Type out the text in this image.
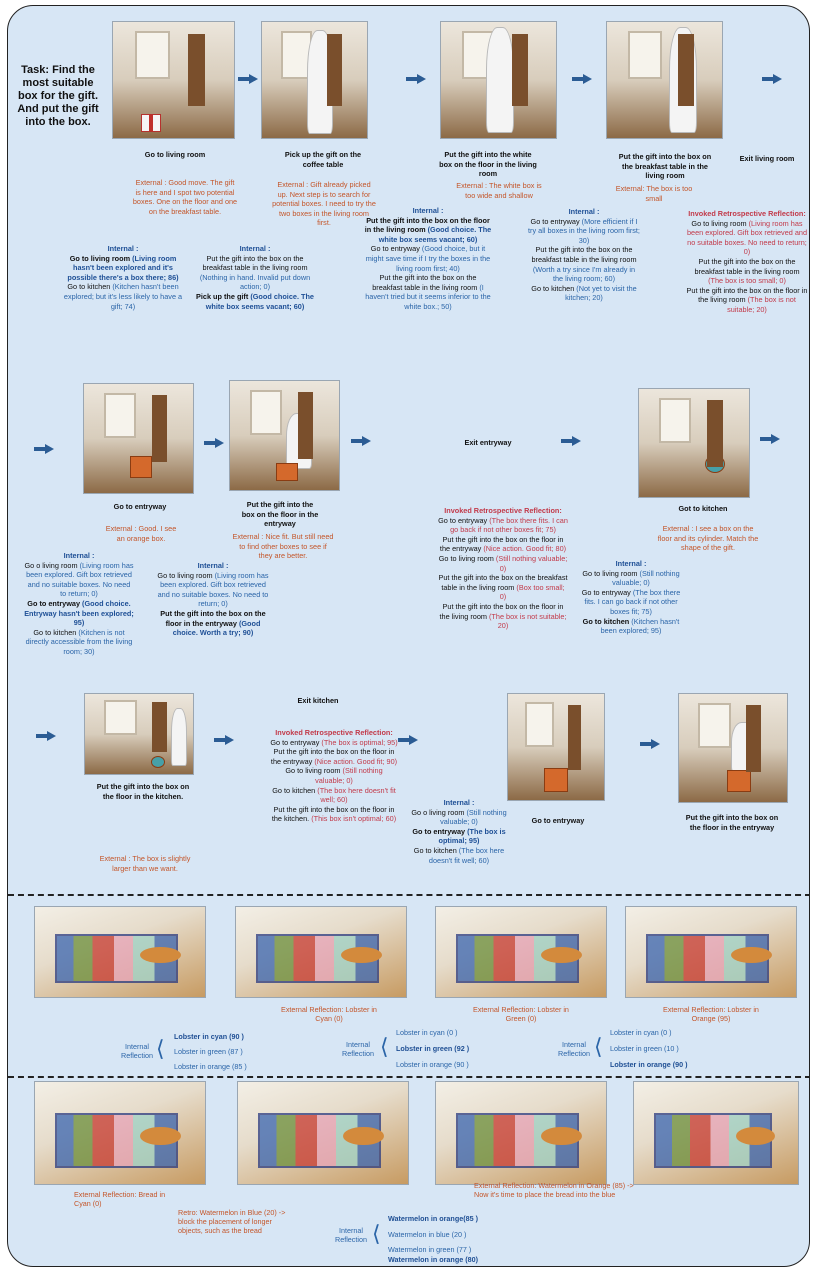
Task: Find the most suitable box for the gift. And put the gift into the box.
Go to living room
External : Good move. The gift is here and I spot two potential boxes. One on the floor and one on the breakfast table.
Internal :
Go to living room (Living room hasn't been explored and it's possible there's a box there; 86)
Go to kitchen (Kitchen hasn't been explored; but it's less likely to have a gift; 74)
Pick up the gift on the coffee table
External : Gift already picked up. Next step is to search for potential boxes. I need to try the two boxes in the living room first.
Internal :
Put the gift into the box on the breakfast table in the living room
(Nothing in hand. Invalid put down action; 0)
Pick up the gift (Good choice. The white box seems vacant; 60)
Put the gift into the white box on the floor in the living room
External : The white box is too wide and shallow
Internal :
Put the gift into the box on the floor in the living room (Good choice. The white box seems vacant; 60)
Go to entryway (Good choice, but it might save time if I try the boxes in the living room first; 40)
Put the gift into the box on the breakfast table in the living room (I haven't tried but it seems inferior to the white box.; 50)
Put the gift into the box on the breakfast table in the living room
External: The box is too small
Internal :
Go to entryway (More efficient if I try all boxes in the living room first; 30)
Put the gift into the box on the breakfast table in the living room (Worth a try since I'm already in the living room; 60)
Go to kitchen (Not yet to visit the kitchen; 20)
Exit living room
Invoked Retrospective Reflection:
Go to living room (Living room has been explored. Gift box retrieved and no suitable boxes. No need to return; 0)
Put the gift into the box on the breakfast table in the living room (The box is too small; 0)
Put the gift into the box on the floor in the living room (The box is not suitable; 20)
Exit entryway
Go to entryway
External : Good. I see an orange box.
Internal :
Go o living room (Living room has been explored. Gift box retrieved and no suitable boxes. No need to return; 0)
Go to entryway (Good choice. Entryway hasn't been explored; 95)
Go to kitchen (Kitchen is not directly accessible from the living room; 30)
Put the gift into the box on the floor in the entryway
External : Nice fit. But still need to find other boxes to see if they are better.
Internal :
Go to living room (Living room has been explored. Gift box retrieved and no suitable boxes. No need to return; 0)
Put the gift into the box on the floor in the entryway (Good choice. Worth a try; 90)
Invoked Retrospective Reflection:
Go to entryway (The box there fits. I can go back if not other boxes fit; 75)
Put the gift into the box on the floor in the entryway (Nice action. Good fit; 80)
Go to living room (Still nothing valuable; 0)
Put the gift into the box on the breakfast table in the living room (Box too small; 0)
Put the gift into the box on the floor in the living room (The box is not suitable; 20)
Internal :
Go to living room (Still nothing valuable; 0)
Go to entryway (The box there fits. I can go back if not other boxes fit; 75)
Go to kitchen (Kitchen hasn't been explored; 95)
Got to kitchen
External : I see a box on the floor and its cylinder. Match the shape of the gift.
Exit kitchen
Put the gift into the box on the floor in the kitchen.
External : The box is slightly larger than we want.
Invoked Retrospective Reflection:
Go to entryway (The box is optimal; 95)
Put the gift into the box on the floor in the entryway (Nice action. Good fit; 90)
Go to living room (Still nothing valuable; 0)
Go to kitchen (The box here doesn't fit well; 60)
Put the gift into the box on the floor in the kitchen. (This box isn't optimal; 60)
Internal :
Go o living room (Still nothing valuable; 0)
Go to entryway (The box is optimal; 95)
Go to kitchen (The box here doesn't fit well; 60)
Go to entryway	Put the gift into the box on the floor in the entryway
Internal Reflection ⟨ Lobster in cyan (90 )
Lobster in green (87 )
Lobster in orange (85 )
External Reflection: Lobster in Cyan (0)
Internal Reflection ⟨
Lobster in cyan (0 )
Lobster in green (92 )
Lobster in orange (90 )
External Reflection: Lobster in Green (0)
External Reflection: Lobster in Orange (95)
Internal Reflection ⟨
Lobster in cyan (0 )
Lobster in green (10 )
Lobster in orange (90 )
External Reflection: Bread in Cyan (0)
Retro: Watermelon in Blue (20) -> block the placement of longer objects, such as the bread
External Reflection: Watermelon in Orange (85) -> Now it's time to place the bread into the blue
Internal Reflection ⟨
Watermelon in orange(85 )
Watermelon in blue (20 )
Watermelon in green (77 )
Watermelon in orange (80)
